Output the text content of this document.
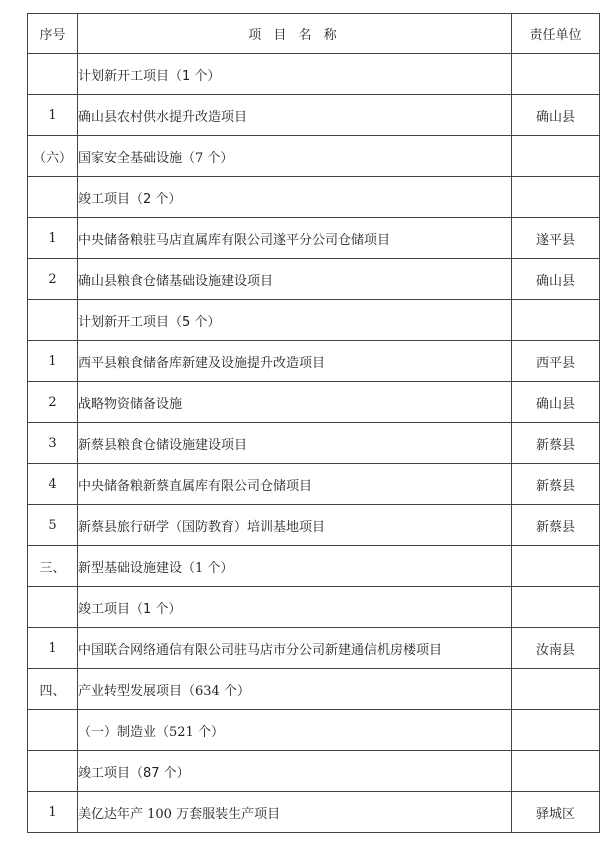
序号	项 目 名 称	责任单位
	计划新开工项目（1 个）	
1	确山县农村供水提升改造项目	确山县
（六）	国家安全基础设施（7 个）	
	竣工项目（2 个）	
1	中央储备粮驻马店直属库有限公司遂平分公司仓储项目	遂平县
2	确山县粮食仓储基础设施建设项目	确山县
	计划新开工项目（5 个）	
1	西平县粮食储备库新建及设施提升改造项目	西平县
2	战略物资储备设施	确山县
3	新蔡县粮食仓储设施建设项目	新蔡县
4	中央储备粮新蔡直属库有限公司仓储项目	新蔡县
5	新蔡县旅行研学（国防教育）培训基地项目	新蔡县
三、	新型基础设施建设（1 个）	
	竣工项目（1 个）	
1	中国联合网络通信有限公司驻马店市分公司新建通信机房楼项目	汝南县
四、	产业转型发展项目（634 个）	
	（一）制造业（521 个）	
	竣工项目（87 个）	
1	美亿达年产 100 万套服装生产项目	驿城区
